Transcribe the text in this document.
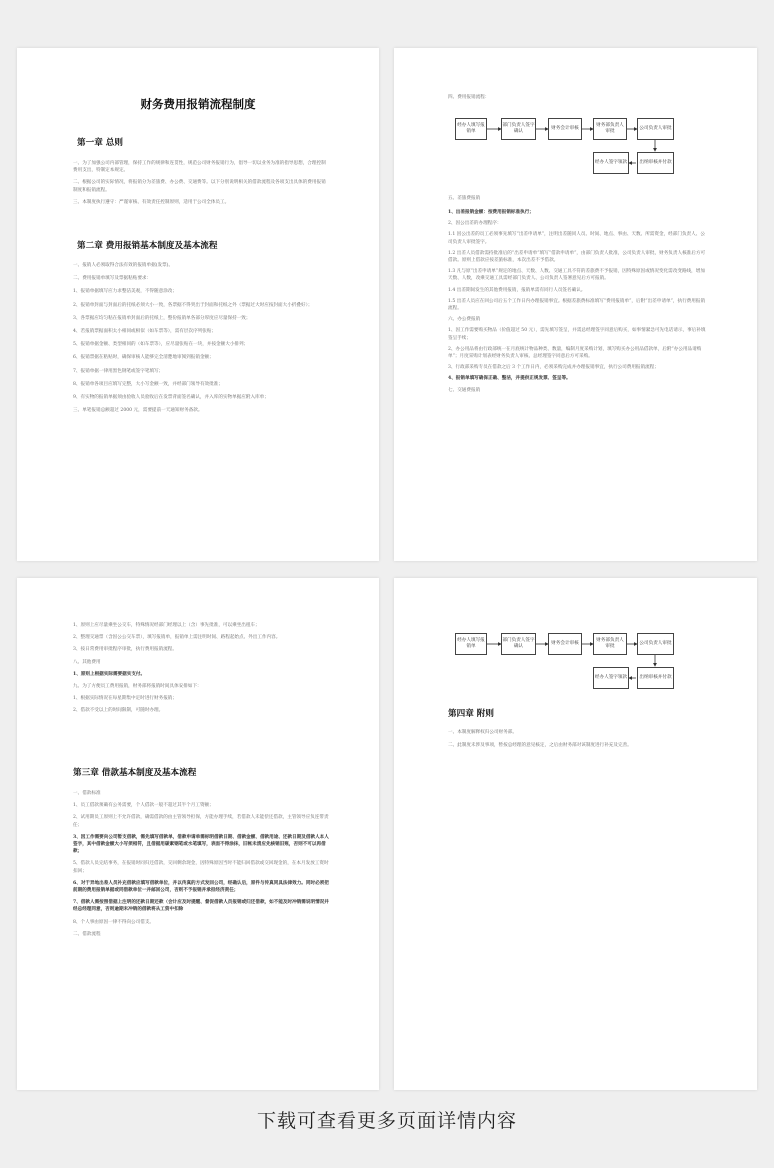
财务费用报销流程制度
第一章 总则

一、为了加强公司内部管理，保持工作的规律和连贯性，规范公司财务报销行为，倡导一切以业务为准的指导思想，合理控制费用支出，特制定本规定。

二、根据公司的实际情况，将报销分为差旅费、办公费、交通费等。以下分别说明相关的借款流程及各项支出具体的费用报销制度和报销流程。

三、本制度执行遵守：严谨审核、有效责任控制原则，适用于公司全体员工。

第二章 费用报销基本制度及基本流程

一、报销人必须取得合法有效的报销单据(发票)。

二、费用报销单填写及票据粘贴要求：

1、报销单据填写应力求整洁美观，不得随意涂改；

2、报销单封面与封面后的托纸必须大小一致，各票据不得突出于封面和托纸之外（票据过大时应按封面大小折叠好）；

3、各票据应均匀粘在报销单封面后的托纸上，整份报销单各部分厚度应尽量保持一致；

4、若报销票据面积太小相同或相似（如车票等），需有层次序列张贴；

5、报销单据金额、类型相同的（如车票等），应尽量张贴在一块，并按金额大小排列；

6、报销票据在粘贴时，确保审核人能够完全清楚地审阅到报销金额；

7、报销单据一律用黑色钢笔或签字笔填写；

8、报销单各项目应填写完整，大小写金额一致，并经部门领导有效批准；

9、有实物的报销单据须由验收人员验收后在发票背面签名确认，并入库的实物单据应附入库单；

三、单笔报销总额超过 2000 元，需要提前一天通知财务备款。

四、费用报销流程：
经办人填写报销单
部门负责人签字确认
财务会计审核
财务部负责人审批
公司负责人审批
经办人签字领款	出纳审核并付款
五、差旅费报销

1、出差报销金额：按费用报销标准执行；

2、因公出差的办理程序：

1.1 因公出差的员工必须事先填写“出差申请单”，注明出差随同人员、时间、地点、事由、天数、所需资金，经部门负责人、公司负责人审批签字。

1.2 出差人员借款需持批准后的“出差申请单”填写“借款申请单”，由部门负责人批准，公司负责人审批，财务负责人核准后方可借款。原则上借款应按差旅标准，本次出差不予借款。

1.3 凡与原“出差申请单”规定的地点、天数、人数、交通工具不符的差旅费不予报销，因特殊原因或情况变化需改变路线，增加天数、人数，改乘交通工具需经部门负责人、公司负责人签署意见后方可报销。

1.4 出差期间发生的其他费用报销，报销单需有同行人员签名确认。

1.5 出差人员应在回公司后五个工作日内办理报销事宜。根据差旅费标准填写“费用报销单”，后附“出差申请单”，执行费用报销流程。

六、办公费报销

1、因工作需要购买物品（价值超过 50 元），需先填写签呈，并需总经理签字同意后购买，如事情紧急可先电话请示，事后补填签呈手续；

2、办公用品将由行政部统一在月底统计物品种类、数量，编制月度采购计划，填写购买办公用品借款单，后附“办公用品请购单”；月度采购计划表经财务负责人审核、总经理签字同意后方可采购。

3、行政部采购专员在借款之后 3 个工作日内，必须采购完成并办理报销事宜，执行公司费用报销流程；

4、报销单填写确保正确、整洁，并提供正规发票、签呈等。

七、交通费报销

1、原则上应尽量乘坐公交车，特殊情况经部门经理以上（含）事先批准，可以乘坐出租车；

2、整理交通票（含因公公交车票），填写报销单，报销单上需注明时间、路程起始点、外出工作内容。

3、按日常费用审批程序审批，执行费用报销流程。

八、其他费用

1、原则上根据实际需要据实支付。

九、为了方便员工费用报销，财务部将报销时间具体安排如下：

1、根据实际情况在每星期集中定时进行财务报销；

2、借款不受以上的时间限制，可随时办理。

第三章 借款基本制度及基本流程

一、借款标准

1、员工借款须确有公务需要，个人借款一般不超过其半个月工资额；

2、试用期员工原则上不允许借款，确需借款的由主管领导担保，方能办理手续，若借款人未能偿还借款，主管领导应负连带责任；

3、因工作需要向公司暂支借款，需先填写借款单，借款申请单需标明借款日期、借款金额、借款用途、还款日期及借款人本人签字，其中借款金额大小写须相符，且借据用碳素钢笔或水笔填写，表面不得涂抹，旧帐未清应先核销旧账，否则不可以再借款；

5、借款人员完结事务，在报销时同归还借款，交回剩余现金，因特殊原因当时不能归回借款或交回现金的，在本月发放工资时扣回；

6、对于异地出差人员补充借款应填写借款单位，并以传真的方式发回公司，经确认后，原件与传真同具法律效力。同时必须把前期的费用报销单据或同借款单位一并邮回公司，否则不予报销并承担经济责任；

7、借款人需按照借据上注明的还款日期还款（会计应及时提醒、督促借款人员报销或归还借款，如不能及时冲销需说明情况并经总经理同意，否则逾期未冲销的借款将从工资中扣除

8、个人事由原因一律不得向公司借支。

二、借款流程

经办人填写报销单
部门负责人签字确认
财务会计审核
财务部负责人审批
公司负责人审批
经办人签字领款	出纳审核并付款
第四章 附则

一、本制度解释权归公司财务部。

二、此制度未涉及事项，暂按总经理的意见核定，之后由财务部对该制度进行补充及完善。

下载可查看更多页面详情内容
